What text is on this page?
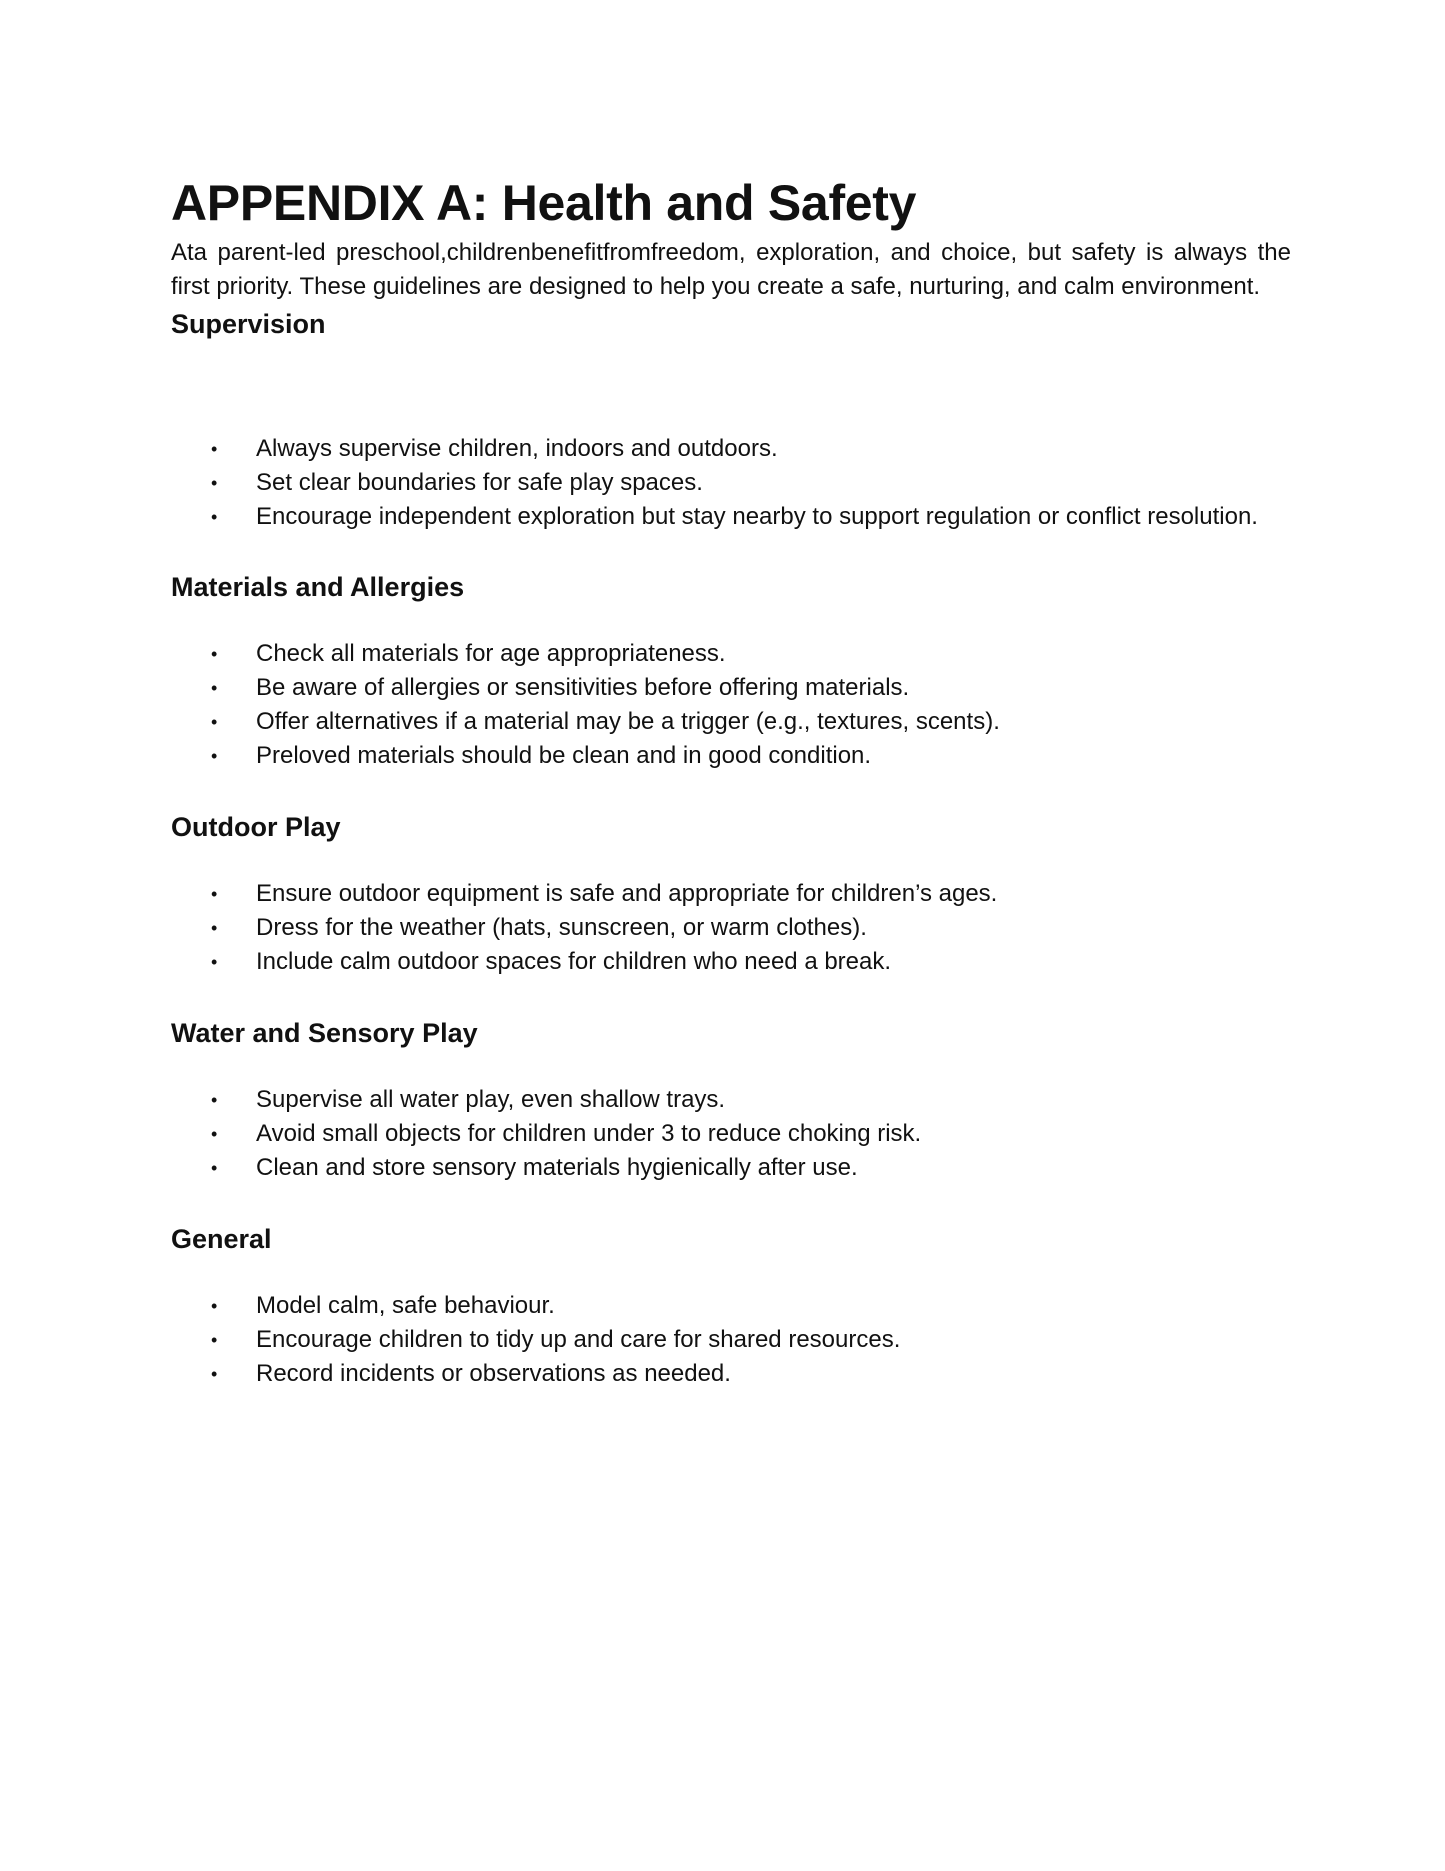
APPENDIX A: Health and Safety

Ata parent-led preschool,childrenbenefitfromfreedom, exploration, and choice, but safety is always the first priority. These guidelines are designed to help you create a safe, nurturing, and calm environment.

Supervision
•	Always supervise children, indoors and outdoors.
•	Set clear boundaries for safe play spaces.
•	Encourage independent exploration but stay nearby to support regulation or conflict resolution.
Materials and Allergies
•	Check all materials for age appropriateness.
•	Be aware of allergies or sensitivities before offering materials.
•	Offer alternatives if a material may be a trigger (e.g., textures, scents).
•	Preloved materials should be clean and in good condition.
Outdoor Play
•	Ensure outdoor equipment is safe and appropriate for children’s ages.
•	Dress for the weather (hats, sunscreen, or warm clothes).
•	Include calm outdoor spaces for children who need a break.
Water and Sensory Play
•	Supervise all water play, even shallow trays.
•	Avoid small objects for children under 3 to reduce choking risk.
•	Clean and store sensory materials hygienically after use.
General
•	Model calm, safe behaviour.
•	Encourage children to tidy up and care for shared resources.
•	Record incidents or observations as needed.
